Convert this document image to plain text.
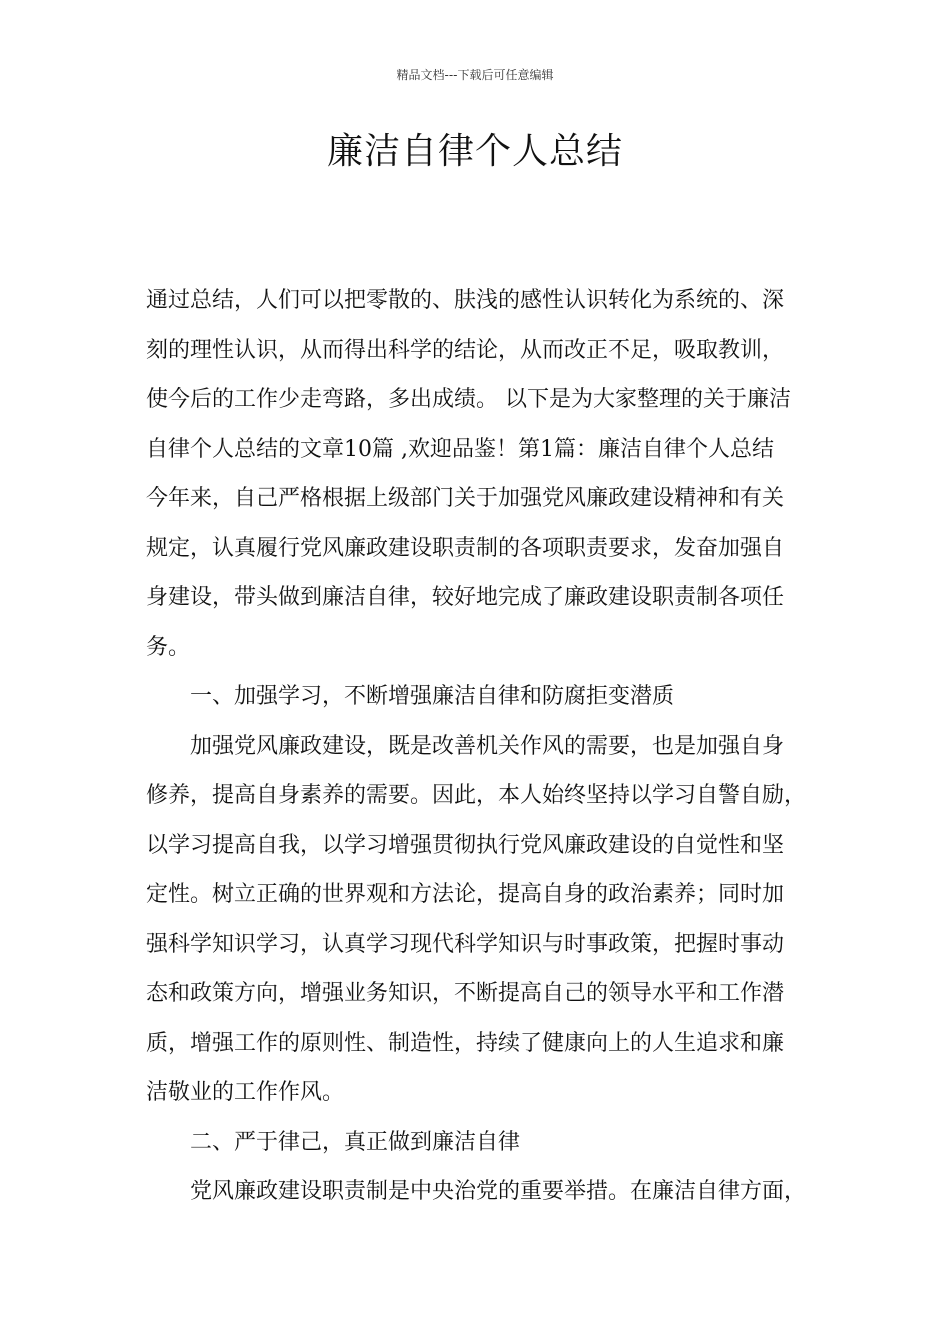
精品文档---下载后可任意编辑
廉洁自律个人总结
通过总结，人们可以把零散的、肤浅的感性认识转化为系统的、深
刻的理性认识，从而得出科学的结论，从而改正不足，吸取教训，
使今后的工作少走弯路，多出成绩。 以下是为大家整理的关于廉洁
自律个人总结的文章10篇 ,欢迎品鉴！第1篇：廉洁自律个人总结
今年来，自己严格根据上级部门关于加强党风廉政建设精神和有关
规定，认真履行党风廉政建设职责制的各项职责要求，发奋加强自
身建设，带头做到廉洁自律，较好地完成了廉政建设职责制各项任
务。
一、加强学习，不断增强廉洁自律和防腐拒变潜质
加强党风廉政建设，既是改善机关作风的需要，也是加强自身
修养，提高自身素养的需要。因此，本人始终坚持以学习自警自励，
以学习提高自我，以学习增强贯彻执行党风廉政建设的自觉性和坚
定性。树立正确的世界观和方法论，提高自身的政治素养；同时加
强科学知识学习，认真学习现代科学知识与时事政策，把握时事动
态和政策方向，增强业务知识，不断提高自己的领导水平和工作潜
质，增强工作的原则性、制造性，持续了健康向上的人生追求和廉
洁敬业的工作作风。
二、严于律己，真正做到廉洁自律
党风廉政建设职责制是中央治党的重要举措。在廉洁自律方面，
